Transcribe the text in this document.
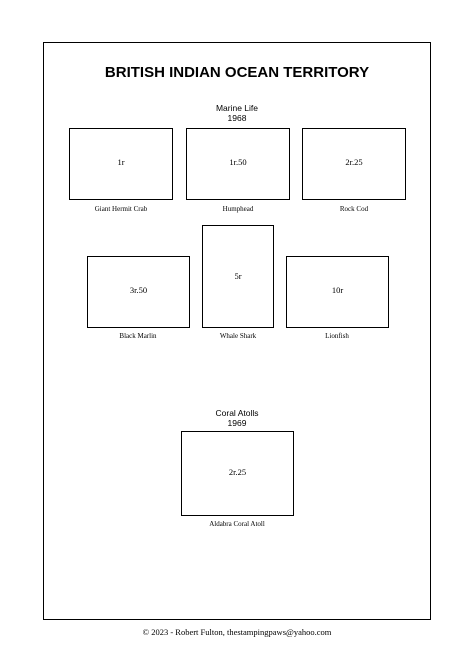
BRITISH INDIAN OCEAN TERRITORY
Marine Life
1968
1r
Giant Hermit Crab
1r.50
Humphead
2r.25
Rock Cod
3r.50
Black Marlin
5r
Whale Shark
10r
Lionfish
Coral Atolls
1969
2r.25
Aldabra Coral Atoll
© 2023 - Robert Fulton, thestampingpaws@yahoo.com
